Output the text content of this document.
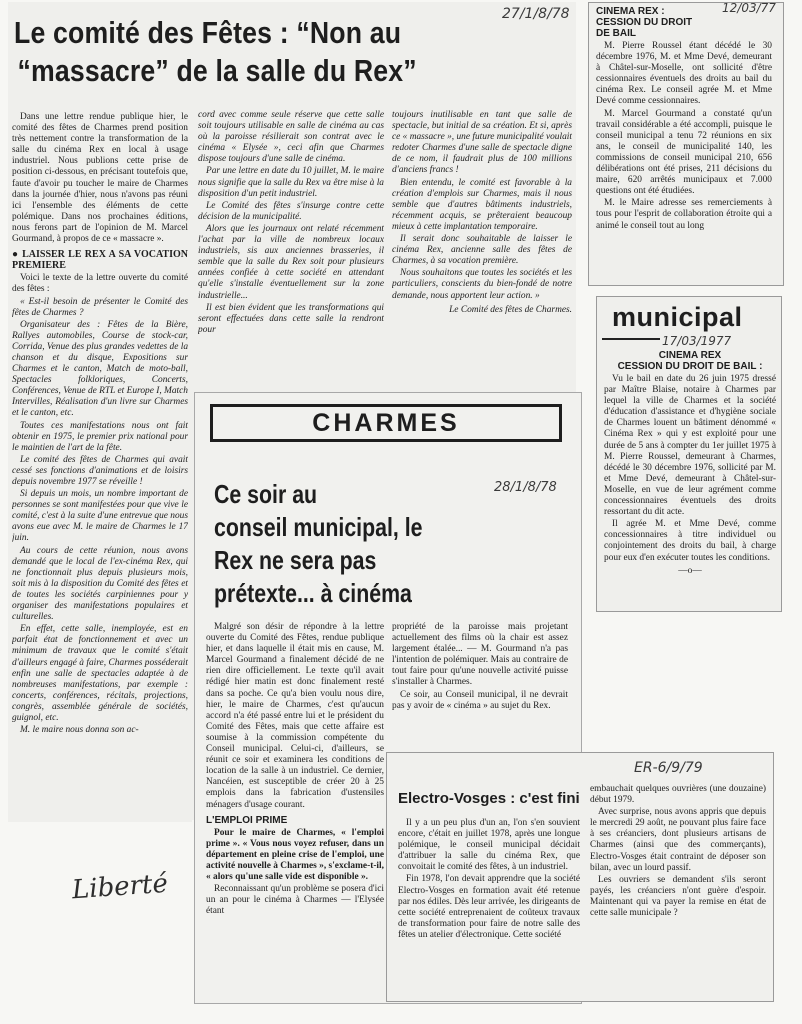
27/1/8/78
Le comité des Fêtes : “Non au
“massacre” de la salle du Rex”

Dans une lettre rendue publique hier, le comité des fêtes de Charmes prend position très nettement contre la transformation de la salle du cinéma Rex en local à usage industriel. Nous publions cette prise de position ci-dessous, en précisant toutefois que, faute d'avoir pu toucher le maire de Charmes dans la journée d'hier, nous n'avons pas réuni ici l'ensemble des éléments de cette polémique. Dans nos prochaines éditions, nous ferons part de l'opinion de M. Marcel Gourmand, à propos de ce « massacre ».

● LAISSER LE REX A SA VOCATION PREMIERE

Voici le texte de la lettre ouverte du comité des fêtes :

« Est-il besoin de présenter le Comité des fêtes de Charmes ?

Organisateur des : Fêtes de la Bière, Rallyes automobiles, Course de stock-car, Corrida, Venue des plus grandes vedettes de la chanson et du disque, Expositions sur Charmes et le canton, Match de moto-ball, Spectacles folkloriques, Concerts, Conférences, Venue de RTL et Europe I, Match Intervilles, Réalisation d'un livre sur Charmes et le canton, etc.

Toutes ces manifestations nous ont fait obtenir en 1975, le premier prix national pour le maintien de l'art de la fête.

Le comité des fêtes de Charmes qui avait cessé ses fonctions d'animations et de loisirs depuis novembre 1977 se réveille !

Si depuis un mois, un nombre important de personnes se sont manifestées pour que vive le comité, c'est à la suite d'une entrevue que nous avons eue avec M. le maire de Charmes le 17 juin.

Au cours de cette réunion, nous avons demandé que le local de l'ex-cinéma Rex, qui ne fonctionnait plus depuis plusieurs mois, soit mis à la disposition du Comité des fêtes et de toutes les sociétés carpiniennes pour y organiser des manifestations populaires et culturelles.

En effet, cette salle, inemployée, est en parfait état de fonctionnement et avec un minimum de travaux que le comité s'était d'ailleurs engagé à faire, Charmes posséderait enfin une salle de spectacles adaptée à de nombreuses manifestations, par exemple : concerts, conférences, récitals, projections, congrès, assemblée générale de sociétés, guignol, etc.

M. le maire nous donna son ac-

cord avec comme seule réserve que cette salle soit toujours utilisable en salle de cinéma au cas où la paroisse résilierait son contrat avec le cinéma « Elysée », ceci afin que Charmes dispose toujours d'une salle de cinéma.

Par une lettre en date du 10 juillet, M. le maire nous signifie que la salle du Rex va être mise à la disposition d'un petit industriel.

Le Comité des fêtes s'insurge contre cette décision de la municipalité.

Alors que les journaux ont relaté récemment l'achat par la ville de nombreux locaux industriels, sis aux anciennes brasseries, il semble que la salle du Rex soit pour plusieurs années confiée à cette société en attendant qu'elle s'installe éventuellement sur la zone industrielle...

Il est bien évident que les transformations qui seront effectuées dans cette salle la rendront pour

toujours inutilisable en tant que salle de spectacle, but initial de sa création. Et si, après ce « massacre », une future municipalité voulait redoter Charmes d'une salle de spectacle digne de ce nom, il faudrait plus de 100 millions d'anciens francs !

Bien entendu, le comité est favorable à la création d'emplois sur Charmes, mais il nous semble que d'autres bâtiments industriels, récemment acquis, se prêteraient beaucoup mieux à cette implantation temporaire.

Il serait donc souhaitable de laisser le cinéma Rex, ancienne salle des fêtes de Charmes, à sa vocation première.

Nous souhaitons que toutes les sociétés et les particuliers, conscients du bien-fondé de notre demande, nous apportent leur action. »

Le Comité des fêtes de Charmes.

12/03/77
CINEMA REX :
CESSION DU DROIT
DE BAIL

M. Pierre Roussel étant décédé le 30 décembre 1976, M. et Mme Devé, demeurant à Châtel-sur-Moselle, ont sollicité d'être cessionnaires éventuels des droits au bail du cinéma Rex. Le conseil agrée M. et Mme Devé comme cessionnaires.

M. Marcel Gourmand a constaté qu'un travail considérable a été accompli, puisque le conseil municipal a tenu 72 réunions en six ans, le conseil de municipalité 140, les commissions de conseil municipal 210, 656 délibérations ont été prises, 211 décisions du maire, 620 arrêtés municipaux et 7.000 questions ont été étudiées.

M. le Maire adresse ses remerciements à tous pour l'esprit de collaboration étroite qui a animé le conseil tout au long

municipal
17/03/1977
CINEMA REX
CESSION DU DROIT DE BAIL :

Vu le bail en date du 26 juin 1975 dressé par Maître Blaise, notaire à Charmes par lequel la ville de Charmes et la société d'éducation d'assistance et d'hygiène sociale de Charmes louent un bâtiment dénommé « Cinéma Rex » qui y est exploité pour une durée de 5 ans à compter du 1er juillet 1975 à M. Pierre Roussel, demeurant à Charmes, décédé le 30 décembre 1976, sollicité par M. et Mme Devé, demeurant à Châtel-sur-Moselle, en vue de leur agrément comme concessionnaires éventuels des droits ressortant du dit acte.

Il agrée M. et Mme Devé, comme concessionnaires à titre individuel ou conjointement des droits du bail, à charge pour eux d'en exécuter toutes les conditions.

—o—
CHARMES
28/1/8/78
Ce soir au
conseil municipal, le
Rex ne sera pas
prétexte... à cinéma

Malgré son désir de répondre à la lettre ouverte du Comité des Fêtes, rendue publique hier, et dans laquelle il était mis en cause, M. Marcel Gourmand a finalement décidé de ne rien dire officiellement. Le texte qu'il avait rédigé hier matin est donc finalement resté dans sa poche. Ce qu'a bien voulu nous dire, hier, le maire de Charmes, c'est qu'aucun accord n'a été passé entre lui et le président du Comité des Fêtes, mais que cette affaire est soumise à la commission compétente du Conseil municipal. Celui-ci, d'ailleurs, se réunit ce soir et examinera les conditions de location de la salle à un industriel. Ce dernier, Nancéien, est susceptible de créer 20 à 25 emplois dans la fabrication d'ustensiles ménagers d'usage courant.

L'EMPLOI PRIME

Pour le maire de Charmes, « l'emploi prime ». « Vous nous voyez refuser, dans un département en pleine crise de l'emploi, une activité nouvelle à Charmes », s'exclame-t-il, « alors qu'une salle vide est disponible ».

Reconnaissant qu'un problème se posera d'ici un an pour le cinéma à Charmes — l'Elysée étant

propriété de la paroisse mais projetant actuellement des films où la chair est assez largement étalée... — M. Gourmand n'a pas l'intention de polémiquer. Mais au contraire de tout faire pour qu'une nouvelle activité puisse s'installer à Charmes.

Ce soir, au Conseil municipal, il ne devrait pas y avoir de « cinéma » au sujet du Rex.

ER-6/9/79
Electro-Vosges : c'est fini

Il y a un peu plus d'un an, l'on s'en souvient encore, c'était en juillet 1978, après une longue polémique, le conseil municipal décidait d'attribuer la salle du cinéma Rex, que convoitait le comité des fêtes, à un industriel.

Fin 1978, l'on devait apprendre que la société Electro-Vosges en formation avait été retenue par nos édiles. Dès leur arrivée, les dirigeants de cette société entreprenaient de coûteux travaux de transformation pour faire de notre salle des fêtes un atelier d'électronique. Cette société

embauchait quelques ouvrières (une douzaine) début 1979.

Avec surprise, nous avons appris que depuis le mercredi 29 août, ne pouvant plus faire face à ses créanciers, dont plusieurs artisans de Charmes (ainsi que des commerçants), Electro-Vosges était contraint de déposer son bilan, avec un lourd passif.

Les ouvriers se demandent s'ils seront payés, les créanciers n'ont guère d'espoir. Maintenant qui va payer la remise en état de cette salle municipale ?

Liberté
